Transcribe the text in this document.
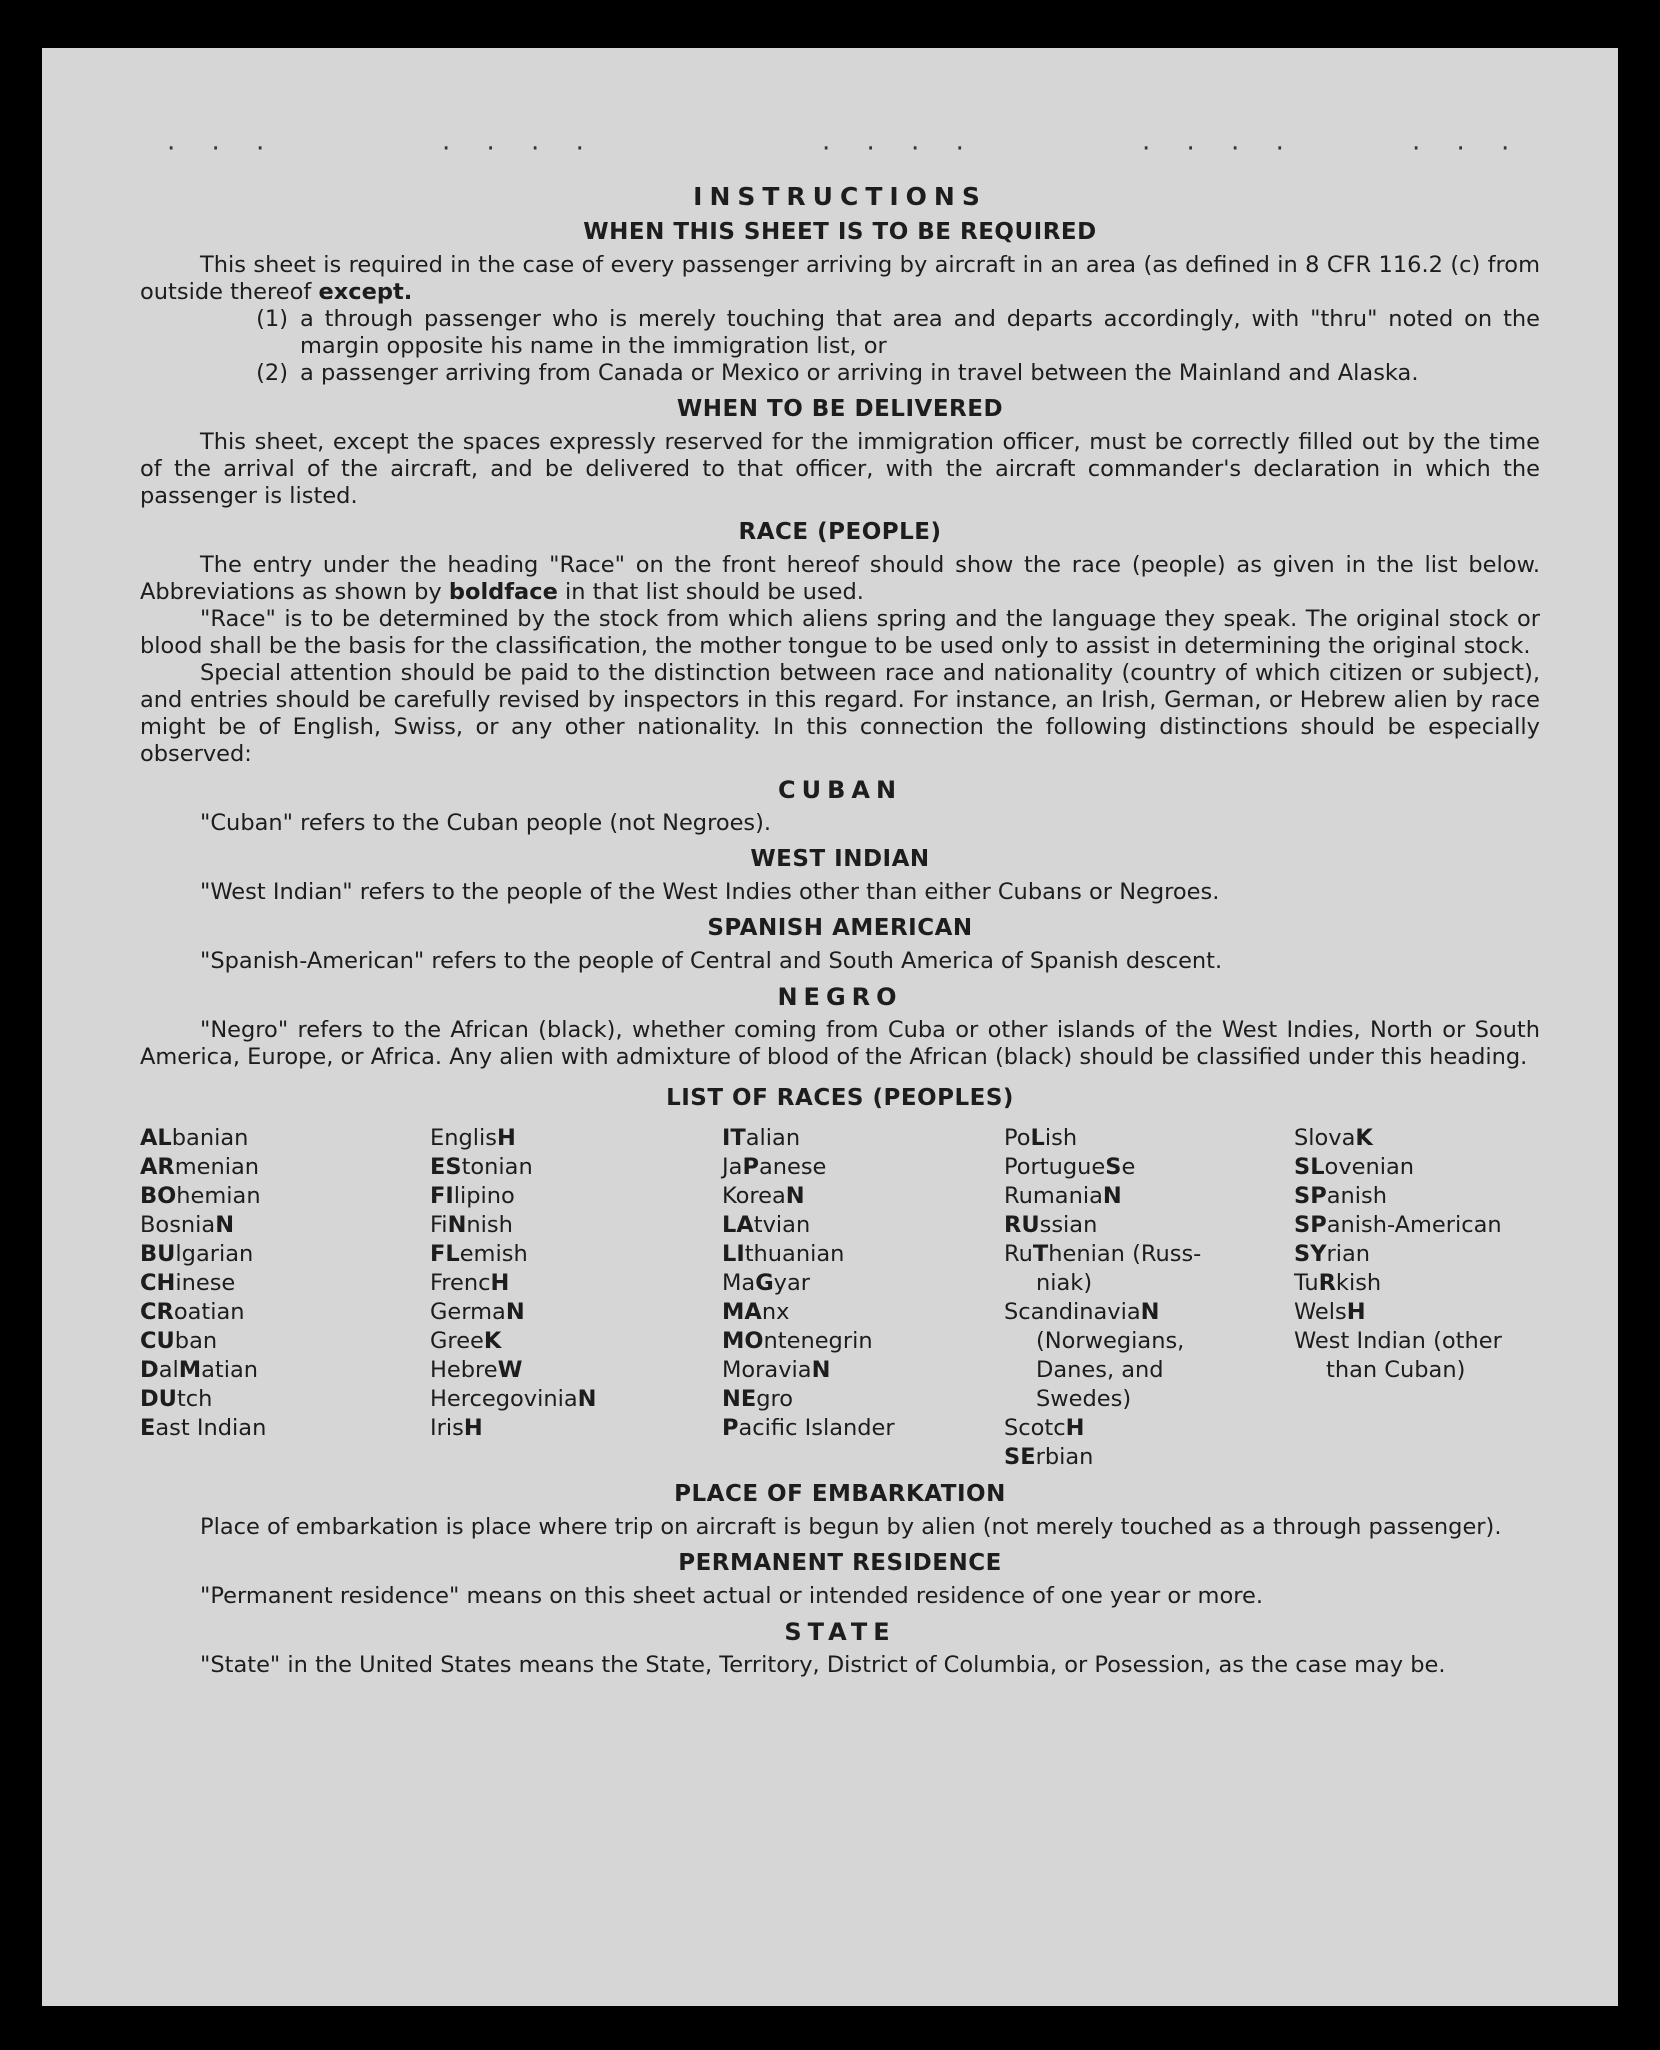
· · ·	· · · ·	· · · ·	· · · ·	· · ·
INSTRUCTIONS
WHEN THIS SHEET IS TO BE REQUIRED

This sheet is required in the case of every passenger arriving by aircraft in an area (as defined in 8 CFR 116.2 (c) from outside thereof except.

(1) a through passenger who is merely touching that area and departs accordingly, with "thru" noted on the margin opposite his name in the immigration list, or
(2) a passenger arriving from Canada or Mexico or arriving in travel between the Mainland and Alaska.
WHEN TO BE DELIVERED

This sheet, except the spaces expressly reserved for the immigration officer, must be correctly filled out by the time of the arrival of the aircraft, and be delivered to that officer, with the aircraft commander's declaration in which the passenger is listed.

RACE (PEOPLE)

The entry under the heading "Race" on the front hereof should show the race (people) as given in the list below. Abbreviations as shown by boldface in that list should be used.

"Race" is to be determined by the stock from which aliens spring and the language they speak. The original stock or blood shall be the basis for the classification, the mother tongue to be used only to assist in determining the original stock.

Special attention should be paid to the distinction between race and nationality (country of which citizen or subject), and entries should be carefully revised by inspectors in this regard. For instance, an Irish, German, or Hebrew alien by race might be of English, Swiss, or any other nationality. In this connection the following distinctions should be especially observed:

CUBAN

"Cuban" refers to the Cuban people (not Negroes).

WEST INDIAN

"West Indian" refers to the people of the West Indies other than either Cubans or Negroes.

SPANISH AMERICAN

"Spanish-American" refers to the people of Central and South America of Spanish descent.

NEGRO

"Negro" refers to the African (black), whether coming from Cuba or other islands of the West Indies, North or South America, Europe, or Africa. Any alien with admixture of blood of the African (black) should be classified under this heading.

LIST OF RACES (PEOPLES)
ALbanian
ARmenian
BOhemian
BosniaN
BUlgarian
CHinese
CRoatian
CUban
DalMatian
DUtch
East Indian
EnglisH
EStonian
FIlipino
FiNnish
FLemish
FrencH
GermaN
GreeK
HebreW
HercegoviniaN
IrisH
ITalian
JaPanese
KoreaN
LAtvian
LIthuanian
MaGyar
MAnx
MOntenegrin
MoraviaN
NEgro
Pacific Islander
PoLish
PortugueSe
RumaniaN
RUssian
RuThenian (Russ-
niak)
ScandinaviaN
(Norwegians,
Danes, and
Swedes)
ScotcH
SErbian
SlovaK
SLovenian
SPanish
SPanish-American
SYrian
TuRkish
WelsH
West Indian (other
than Cuban)
PLACE OF EMBARKATION

Place of embarkation is place where trip on aircraft is begun by alien (not merely touched as a through passenger).

PERMANENT RESIDENCE

"Permanent residence" means on this sheet actual or intended residence of one year or more.

STATE

"State" in the United States means the State, Territory, District of Columbia, or Posession, as the case may be.
